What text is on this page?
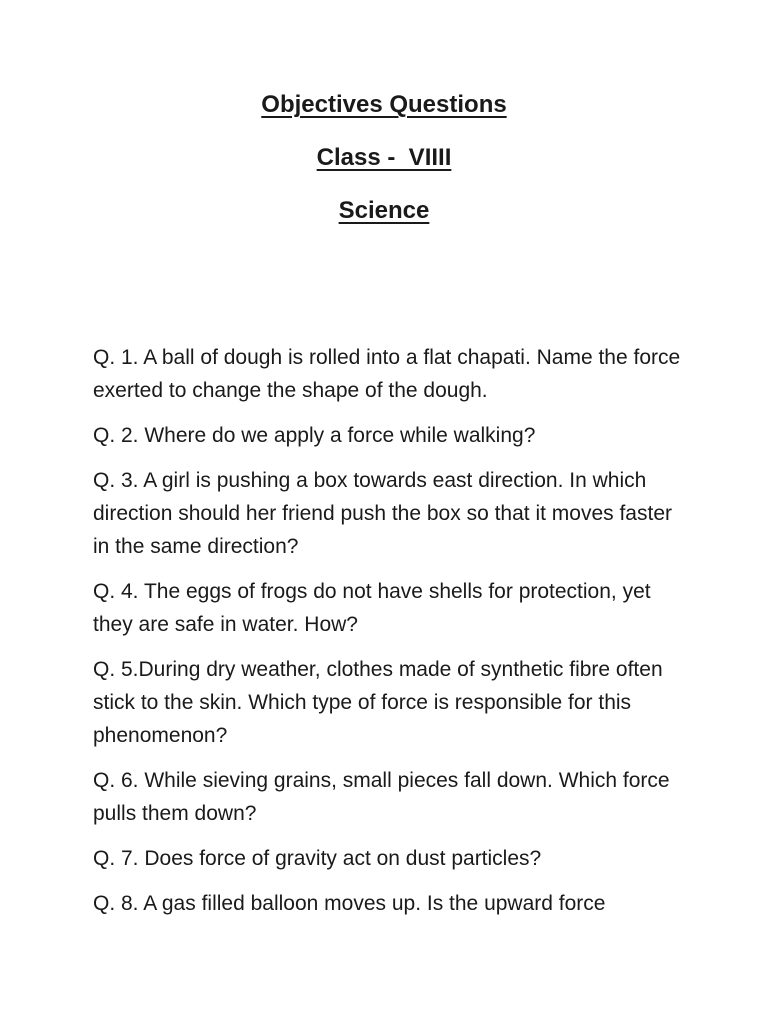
Objectives Questions
Class -  VIIII
Science

Q. 1. A ball of dough is rolled into a flat chapati. Name the force exerted to change the shape of the dough.

Q. 2. Where do we apply a force while walking?

Q. 3. A girl is pushing a box towards east direction. In which direction should her friend push the box so that it moves faster in the same direction?

Q. 4. The eggs of frogs do not have shells for protection, yet they are safe in water. How?

Q. 5.During dry weather, clothes made of synthetic fibre often stick to the skin. Which type of force is responsible for this phenomenon?

Q. 6. While sieving grains, small pieces fall down. Which force pulls them down?

Q. 7. Does force of gravity act on dust particles?

Q. 8. A gas filled balloon moves up. Is the upward force
